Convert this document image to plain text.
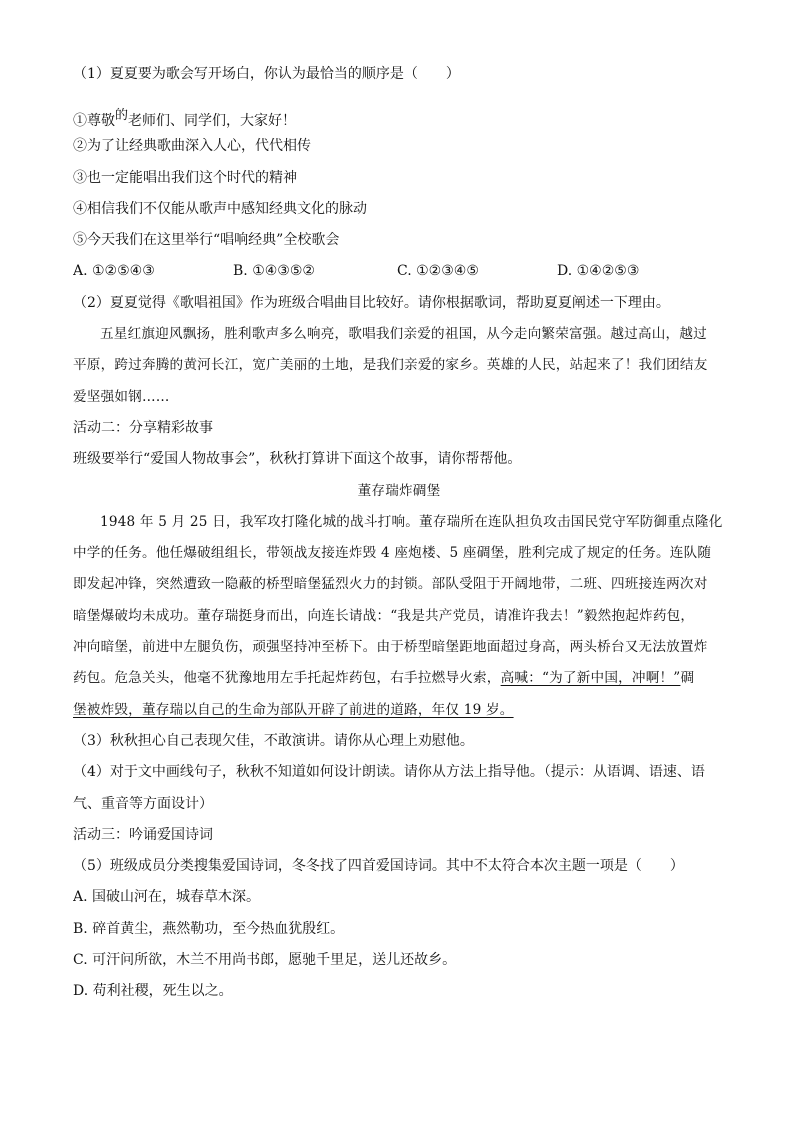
（1）夏夏要为歌会写开场白，你认为最恰当的顺序是（　　）
①尊敬的老师们、同学们，大家好！
②为了让经典歌曲深入人心，代代相传
③也一定能唱出我们这个时代的精神
④相信我们不仅能从歌声中感知经典文化的脉动
⑤今天我们在这里举行“唱响经典”全校歌会
A. ①②⑤④③	B. ①④③⑤②	C. ①②③④⑤	D. ①④②⑤③
（2）夏夏觉得《歌唱祖国》作为班级合唱曲目比较好。请你根据歌词，帮助夏夏阐述一下理由。
五星红旗迎风飘扬，胜利歌声多么响亮，歌唱我们亲爱的祖国，从今走向繁荣富强。越过高山，越过
平原，跨过奔腾的黄河长江，宽广美丽的土地，是我们亲爱的家乡。英雄的人民，站起来了！我们团结友
爱坚强如钢……
活动二：分享精彩故事
班级要举行“爱国人物故事会”，秋秋打算讲下面这个故事，请你帮帮他。
董存瑞炸碉堡
1948 年 5 月 25 日，我军攻打隆化城的战斗打响。董存瑞所在连队担负攻击国民党守军防御重点隆化
中学的任务。他任爆破组组长，带领战友接连炸毁 4 座炮楼、5 座碉堡，胜利完成了规定的任务。连队随
即发起冲锋，突然遭致一隐蔽的桥型暗堡猛烈火力的封锁。部队受阻于开阔地带，二班、四班接连两次对
暗堡爆破均未成功。董存瑞挺身而出，向连长请战：“我是共产党员，请准许我去！”毅然抱起炸药包，
冲向暗堡，前进中左腿负伤，顽强坚持冲至桥下。由于桥型暗堡距地面超过身高，两头桥台又无法放置炸
药包。危急关头，他毫不犹豫地用左手托起炸药包，右手拉燃导火索，高喊：“为了新中国，冲啊！”碉
堡被炸毁，董存瑞以自己的生命为部队开辟了前进的道路，年仅 19 岁。
（3）秋秋担心自己表现欠佳，不敢演讲。请你从心理上劝慰他。
（4）对于文中画线句子，秋秋不知道如何设计朗读。请你从方法上指导他。（提示：从语调、语速、语
气、重音等方面设计）
活动三：吟诵爱国诗词
（5）班级成员分类搜集爱国诗词，冬冬找了四首爱国诗词。其中不太符合本次主题一项是（　　）
A. 国破山河在，城春草木深。
B. 碎首黄尘，燕然勒功，至今热血犹殷红。
C. 可汗问所欲，木兰不用尚书郎，愿驰千里足，送儿还故乡。
D. 苟利社稷，死生以之。
